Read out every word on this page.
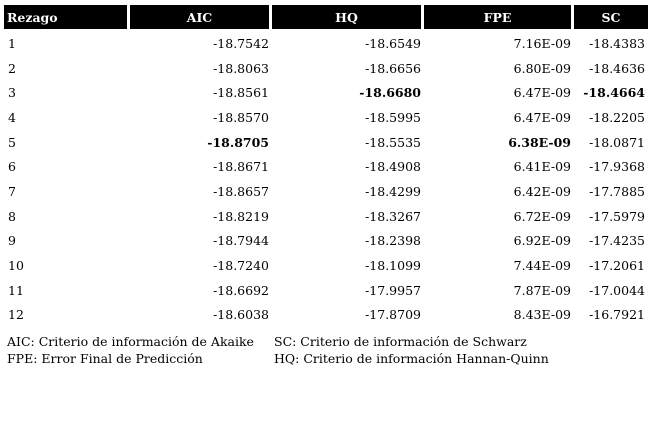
Rezago	AIC	HQ	FPE	SC
1	-18.7542	-18.6549	7.16E-09	-18.4383
2	-18.8063	-18.6656	6.80E-09	-18.4636
3	-18.8561	-18.6680	6.47E-09	-18.4664
4	-18.8570	-18.5995	6.47E-09	-18.2205
5	-18.8705	-18.5535	6.38E-09	-18.0871
6	-18.8671	-18.4908	6.41E-09	-17.9368
7	-18.8657	-18.4299	6.42E-09	-17.7885
8	-18.8219	-18.3267	6.72E-09	-17.5979
9	-18.7944	-18.2398	6.92E-09	-17.4235
10	-18.7240	-18.1099	7.44E-09	-17.2061
11	-18.6692	-17.9957	7.87E-09	-17.0044
12	-18.6038	-17.8709	8.43E-09	-16.7921
AIC: Criterio de información de Akaike	SC: Criterio de información de Schwarz
FPE: Error Final de Predicción	HQ: Criterio de información Hannan-Quinn
